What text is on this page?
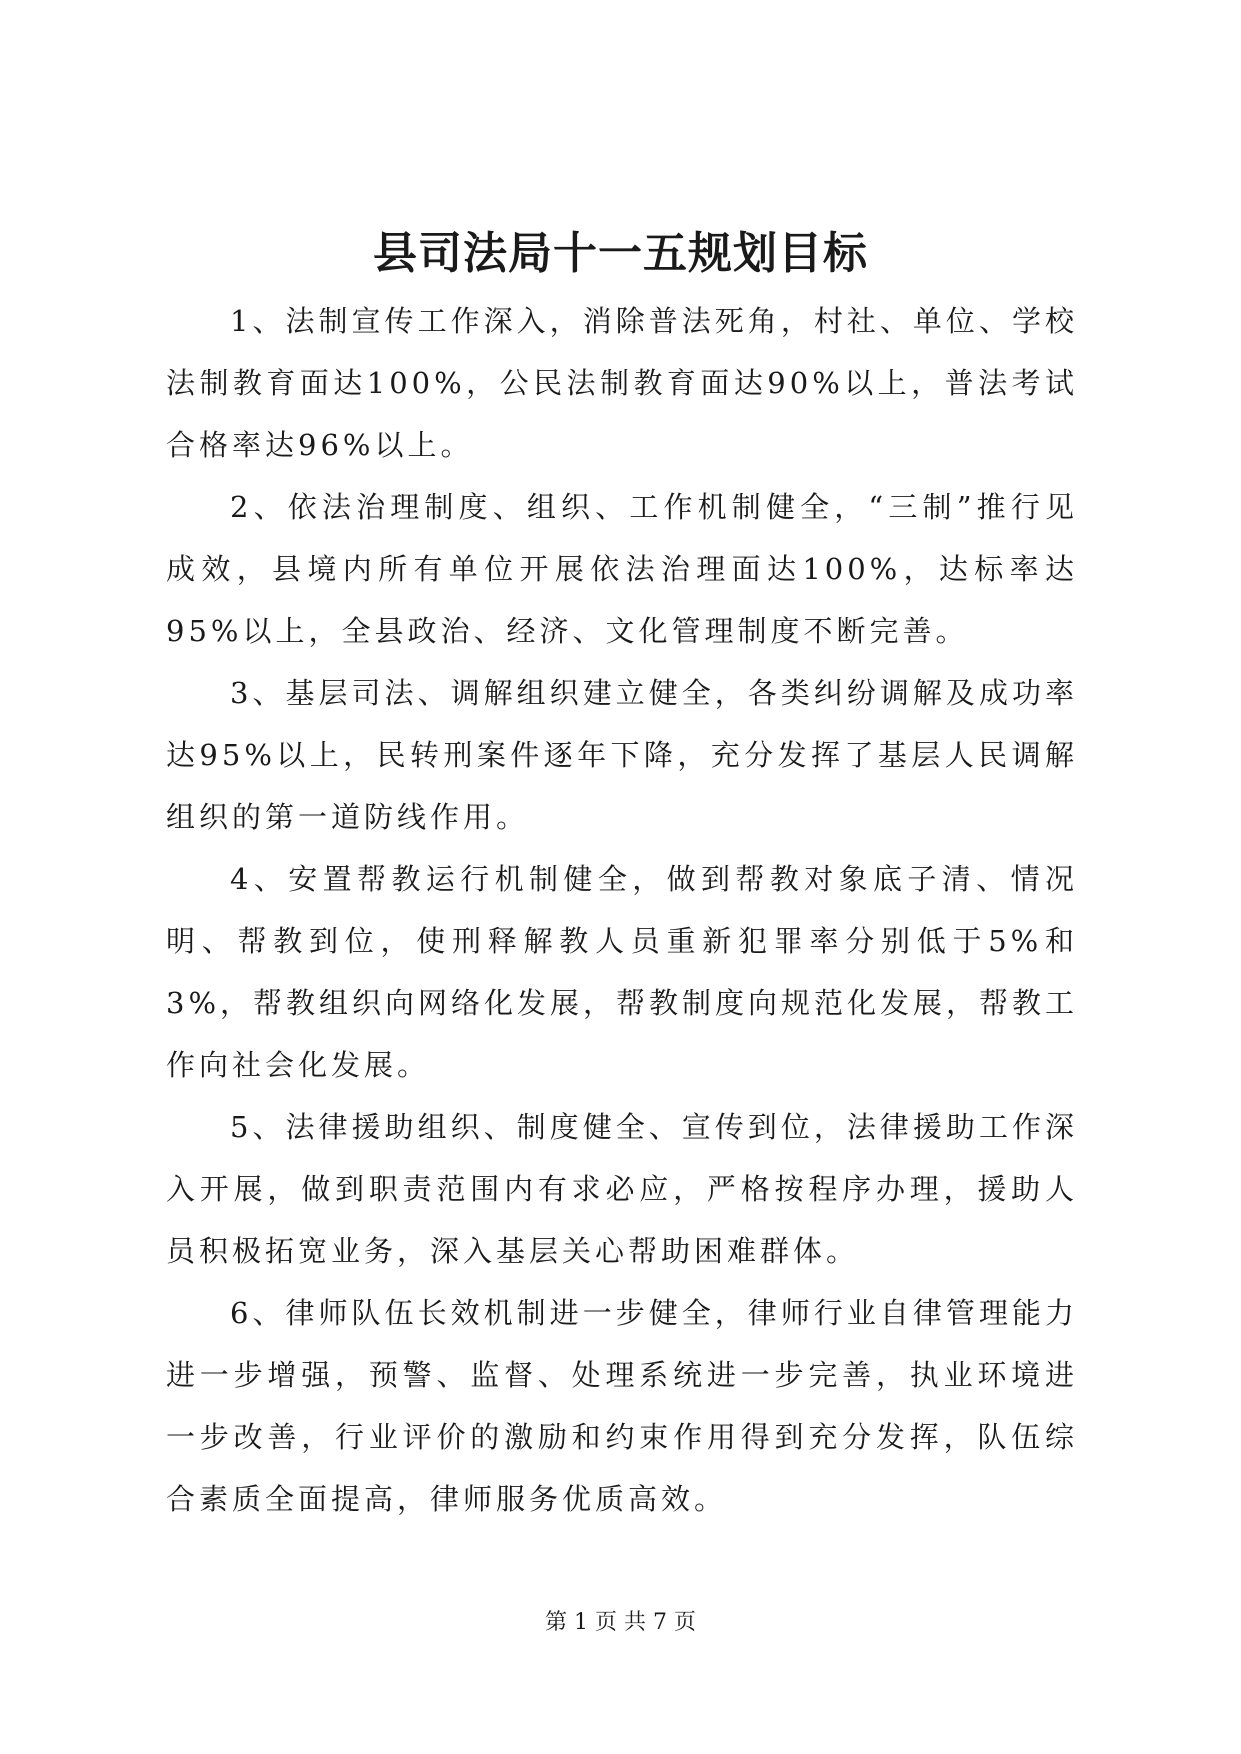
县司法局十一五规划目标

1、法制宣传工作深入，消除普法死角，村社、单位、学校法制教育面达100%，公民法制教育面达90%以上，普法考试合格率达96%以上。

2、依法治理制度、组织、工作机制健全，“三制”推行见成效，县境内所有单位开展依法治理面达100%，达标率达95%以上，全县政治、经济、文化管理制度不断完善。

3、基层司法、调解组织建立健全，各类纠纷调解及成功率达95%以上，民转刑案件逐年下降，充分发挥了基层人民调解组织的第一道防线作用。

4、安置帮教运行机制健全，做到帮教对象底子清、情况明、帮教到位，使刑释解教人员重新犯罪率分别低于5%和3%，帮教组织向网络化发展，帮教制度向规范化发展，帮教工作向社会化发展。

5、法律援助组织、制度健全、宣传到位，法律援助工作深入开展，做到职责范围内有求必应，严格按程序办理，援助人员积极拓宽业务，深入基层关心帮助困难群体。

6、律师队伍长效机制进一步健全，律师行业自律管理能力进一步增强，预警、监督、处理系统进一步完善，执业环境进一步改善，行业评价的激励和约束作用得到充分发挥，队伍综合素质全面提高，律师服务优质高效。

第 1 页 共 7 页
